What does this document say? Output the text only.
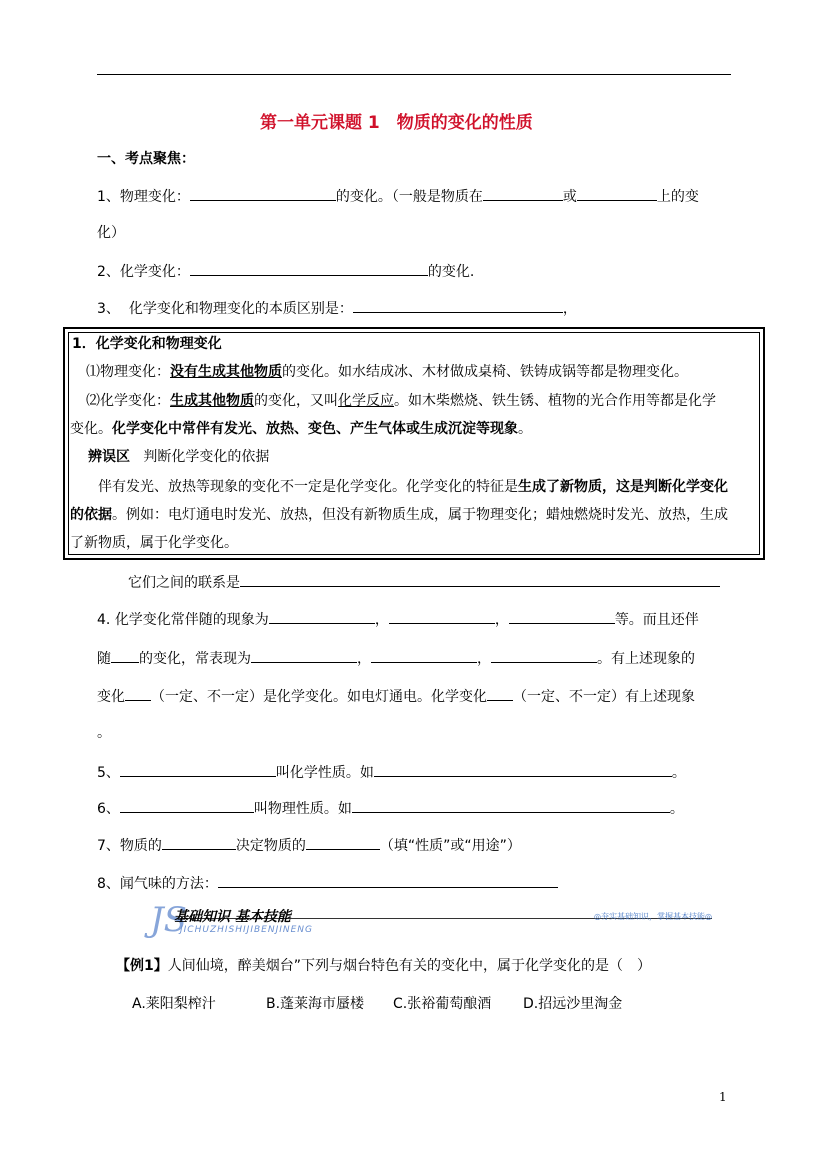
第一单元课题 1　物质的变化的性质
一、考点聚焦：
1、物理变化：	的变化。（一般是物质在	或	上的变
化）
2、化学变化：	的变化.
3、 化学变化和物理变化的本质区别是：	，
1．化学变化和物理变化
⑴物理变化：没有生成其他物质的变化。如水结成冰、木材做成桌椅、铁铸成锅等都是物理变化。
⑵化学变化：生成其他物质的变化，又叫化学反应。如木柴燃烧、铁生锈、植物的光合作用等都是化学
变化。化学变化中常伴有发光、放热、变色、产生气体或生成沉淀等现象。
辨误区 判断化学变化的依据
伴有发光、放热等现象的变化不一定是化学变化。化学变化的特征是生成了新物质，这是判断化学变化
的依据。例如：电灯通电时发光、放热，但没有新物质生成，属于物理变化；蜡烛燃烧时发光、放热，生成
了新物质，属于化学变化。
它们之间的联系是
4. 化学变化常伴随的现象为	，	，	等。而且还伴
随 的变化，常表现为	，	，	。有上述现象的
变化 （一定、不一定）是化学变化。如电灯通电。化学变化 （一定、不一定）有上述现象
。
5、	叫化学性质。如	。
6、	叫物理性质。如	。
7、物质的	决定物质的	（填“性质”或“用途”）
8、闻气味的方法：
JS
基础知识 基本技能
JICHUZHISHIJIBENJINENG
◎夯实基础知识，掌握基本技能◎
【例1】人间仙境，醉美烟台”下列与烟台特色有关的变化中，属于化学变化的是（　）
A.莱阳梨榨汁	B.蓬莱海市蜃楼 C.张裕葡萄酿酒 D.招远沙里淘金
1
